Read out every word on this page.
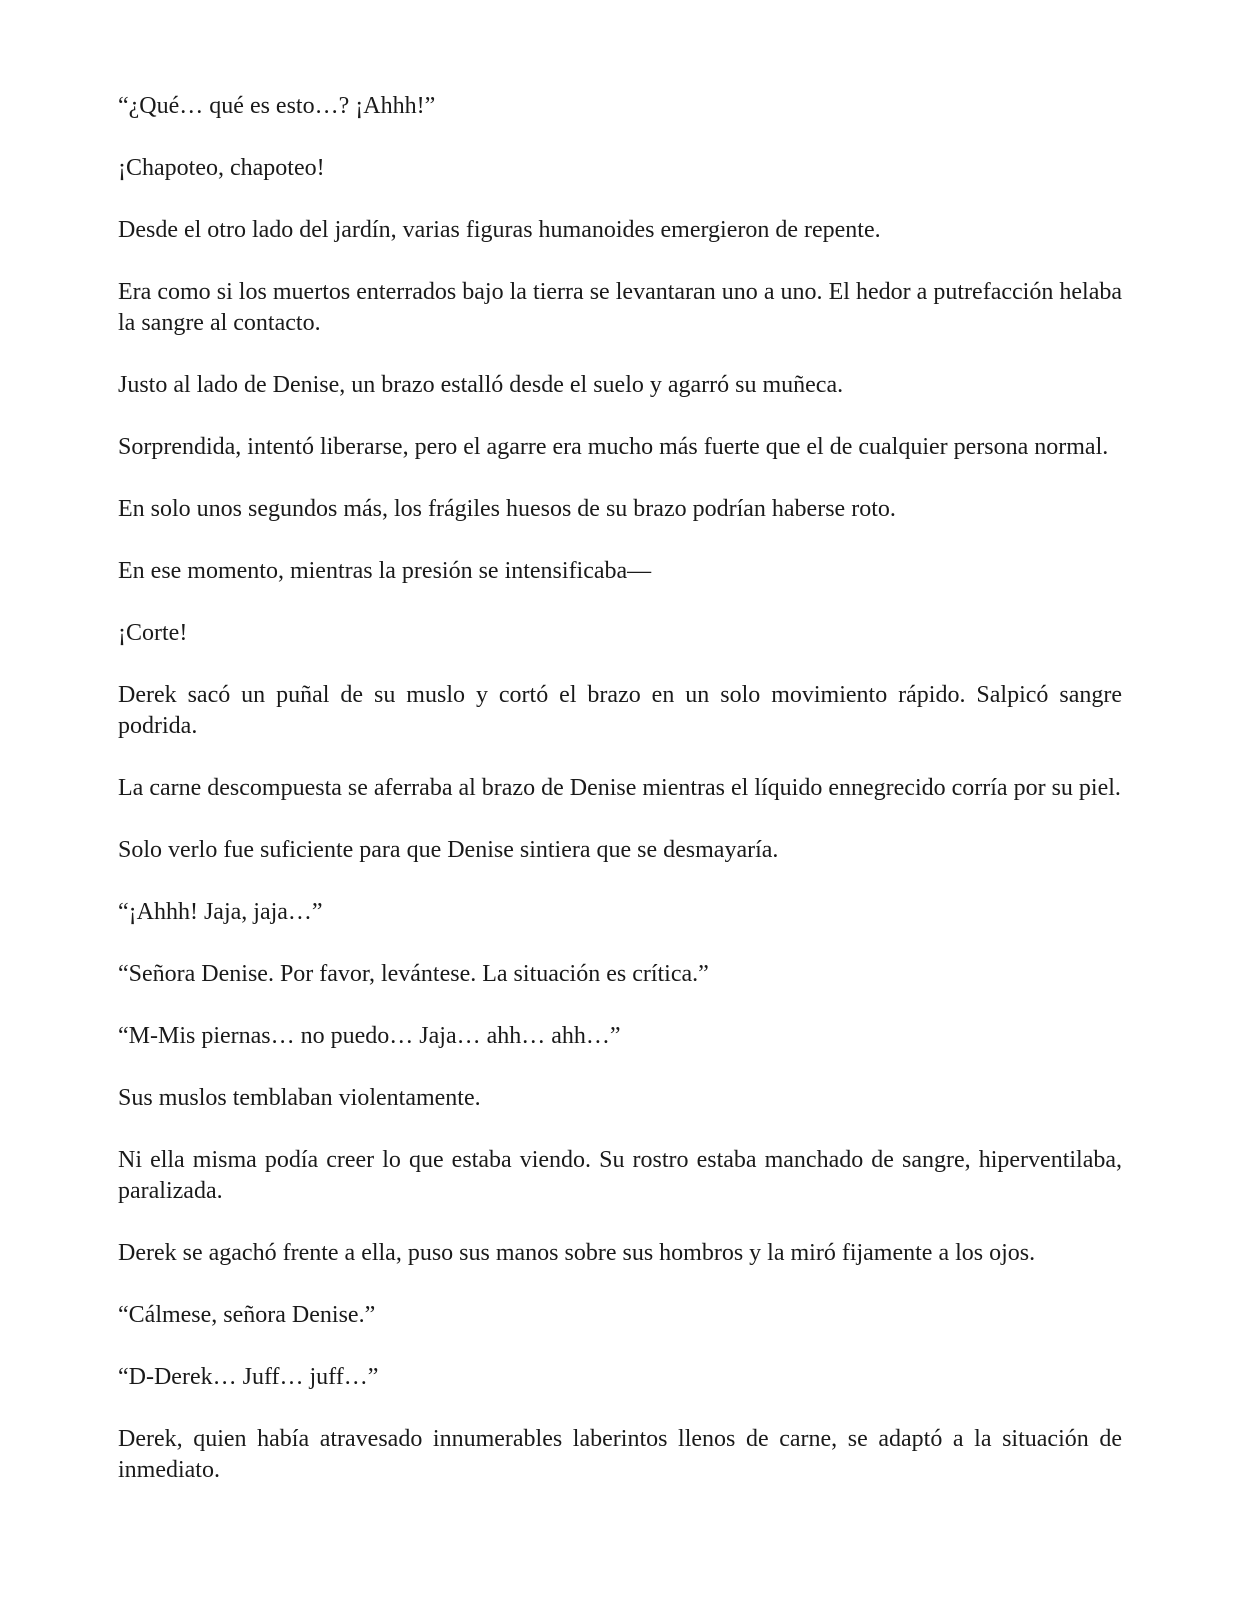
“¿Qué… qué es esto…? ¡Ahhh!”

¡Chapoteo, chapoteo!

Desde el otro lado del jardín, varias figuras humanoides emergieron de repente.

Era como si los muertos enterrados bajo la tierra se levantaran uno a uno. El hedor a putrefacción helaba la sangre al contacto.

Justo al lado de Denise, un brazo estalló desde el suelo y agarró su muñeca.

Sorprendida, intentó liberarse, pero el agarre era mucho más fuerte que el de cualquier persona normal.

En solo unos segundos más, los frágiles huesos de su brazo podrían haberse roto.

En ese momento, mientras la presión se intensificaba—

¡Corte!

Derek sacó un puñal de su muslo y cortó el brazo en un solo movimiento rápido. Salpicó sangre podrida.

La carne descompuesta se aferraba al brazo de Denise mientras el líquido ennegrecido corría por su piel.

Solo verlo fue suficiente para que Denise sintiera que se desmayaría.

“¡Ahhh! Jaja, jaja…”

“Señora Denise. Por favor, levántese. La situación es crítica.”

“M-Mis piernas… no puedo… Jaja… ahh… ahh…”

Sus muslos temblaban violentamente.

Ni ella misma podía creer lo que estaba viendo. Su rostro estaba manchado de sangre, hiperventilaba, paralizada.

Derek se agachó frente a ella, puso sus manos sobre sus hombros y la miró fijamente a los ojos.

“Cálmese, señora Denise.”

“D-Derek… Juff… juff…”

Derek, quien había atravesado innumerables laberintos llenos de carne, se adaptó a la situación de inmediato.
